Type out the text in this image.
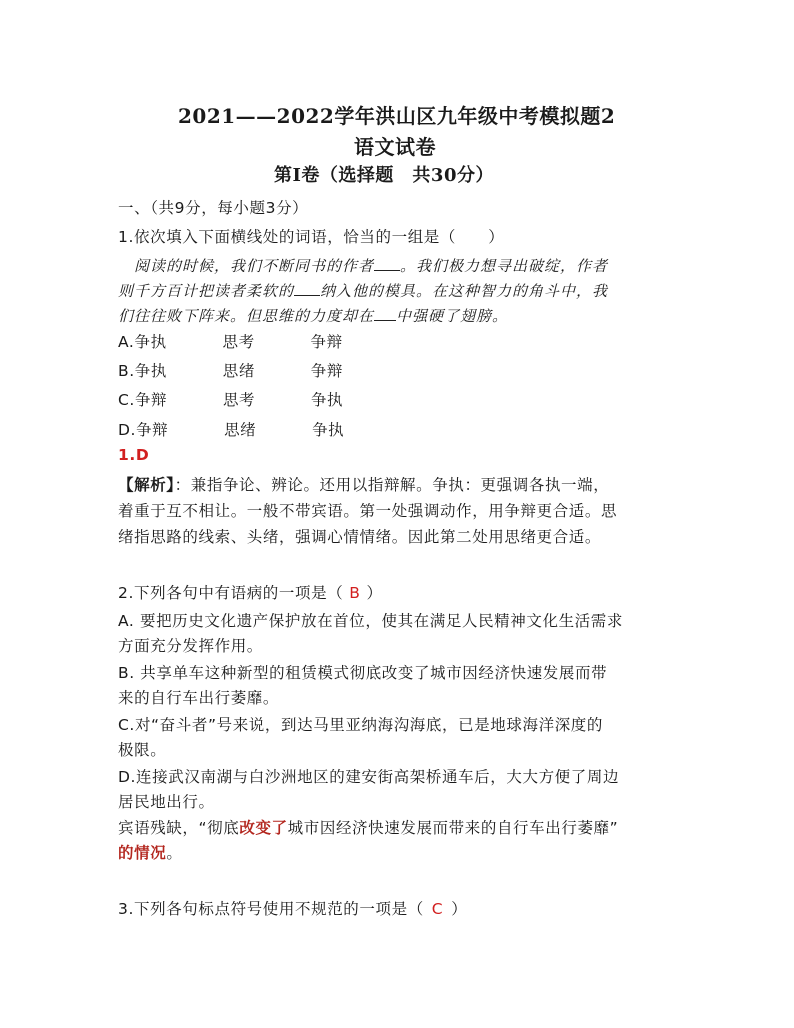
2021——2022学年洪山区九年级中考模拟题2
语文试卷
第Ⅰ卷（选择题　共30分）
一、（共9分，每小题3分）
1.依次填入下面横线处的词语，恰当的一组是（　　）
阅读的时候，我们不断同书的作者 。我们极力想寻出破绽，作者
则千方百计把读者柔软的 纳入他的模具。在这种智力的角斗中，我
们往往败下阵来。但思维的力度却在 中强硬了翅膀。
A.争执	思考	争辩
B.争执	思绪	争辩
C.争辩	思考	争执
D.争辩	思绪	争执
1.D
【解析】：兼指争论、辨论。还用以指辩解。争执：更强调各执一端，
着重于互不相让。一般不带宾语。第一处强调动作，用争辩更合适。思
绪指思路的线索、头绪，强调心情情绪。因此第二处用思绪更合适。
2.下列各句中有语病的一项是（ B ）
A. 要把历史文化遗产保护放在首位，使其在满足人民精神文化生活需求
方面充分发挥作用。
B. 共享单车这种新型的租赁模式彻底改变了城市因经济快速发展而带
来的自行车出行萎靡。
C.对“奋斗者”号来说，到达马里亚纳海沟海底，已是地球海洋深度的
极限。
D.连接武汉南湖与白沙洲地区的建安街高架桥通车后，大大方便了周边
居民地出行。
宾语残缺，“彻底改变了城市因经济快速发展而带来的自行车出行萎靡”
的情况。
3.下列各句标点符号使用不规范的一项是（ C ）
